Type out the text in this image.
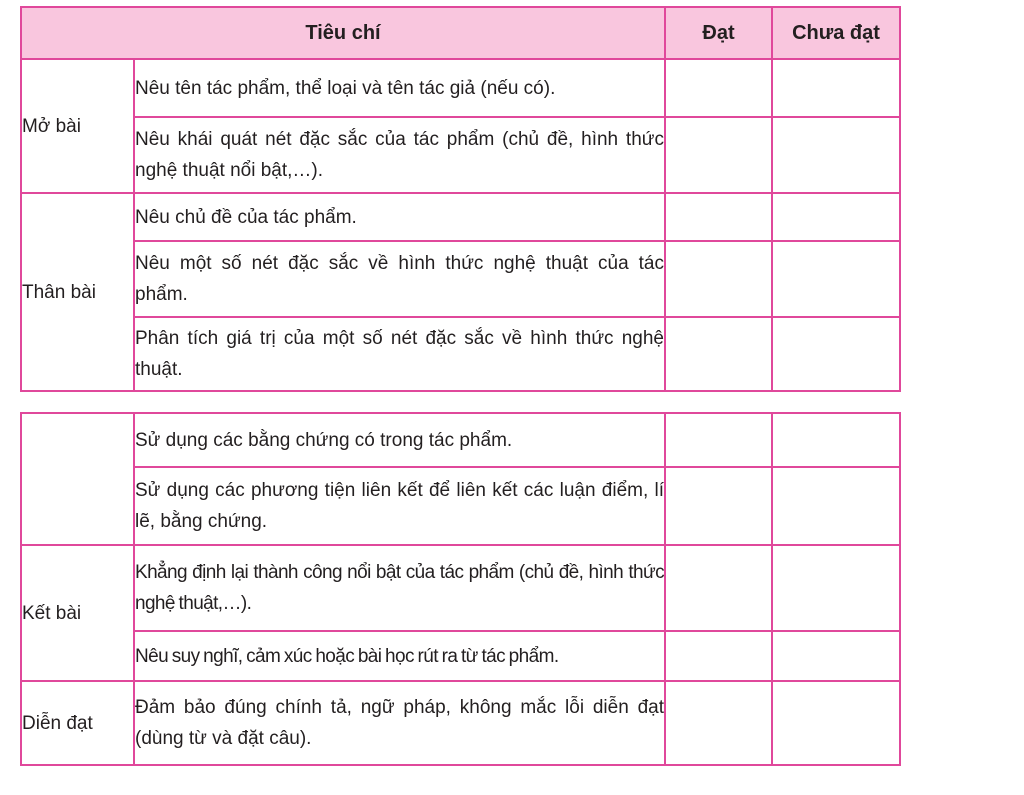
Tiêu chí		Đạt	Chưa đạt
Mở bài	Nêu tên tác phẩm, thể loại và tên tác giả (nếu có).		
	Nêu khái quát nét đặc sắc của tác phẩm (chủ đề, hình thức nghệ thuật nổi bật,…).		
Thân bài	Nêu chủ đề của tác phẩm.		
	Nêu một số nét đặc sắc về hình thức nghệ thuật của tác phẩm.		
	Phân tích giá trị của một số nét đặc sắc về hình thức nghệ thuật.		
	Sử dụng các bằng chứng có trong tác phẩm.		
	Sử dụng các phương tiện liên kết để liên kết các luận điểm, lí lẽ, bằng chứng.		
Kết bài	Khẳng định lại thành công nổi bật của tác phẩm (chủ đề, hình thức nghệ thuật,…).		
	Nêu suy nghĩ, cảm xúc hoặc bài học rút ra từ tác phẩm.		
Diễn đạt	Đảm bảo đúng chính tả, ngữ pháp, không mắc lỗi diễn đạt (dùng từ và đặt câu).		
